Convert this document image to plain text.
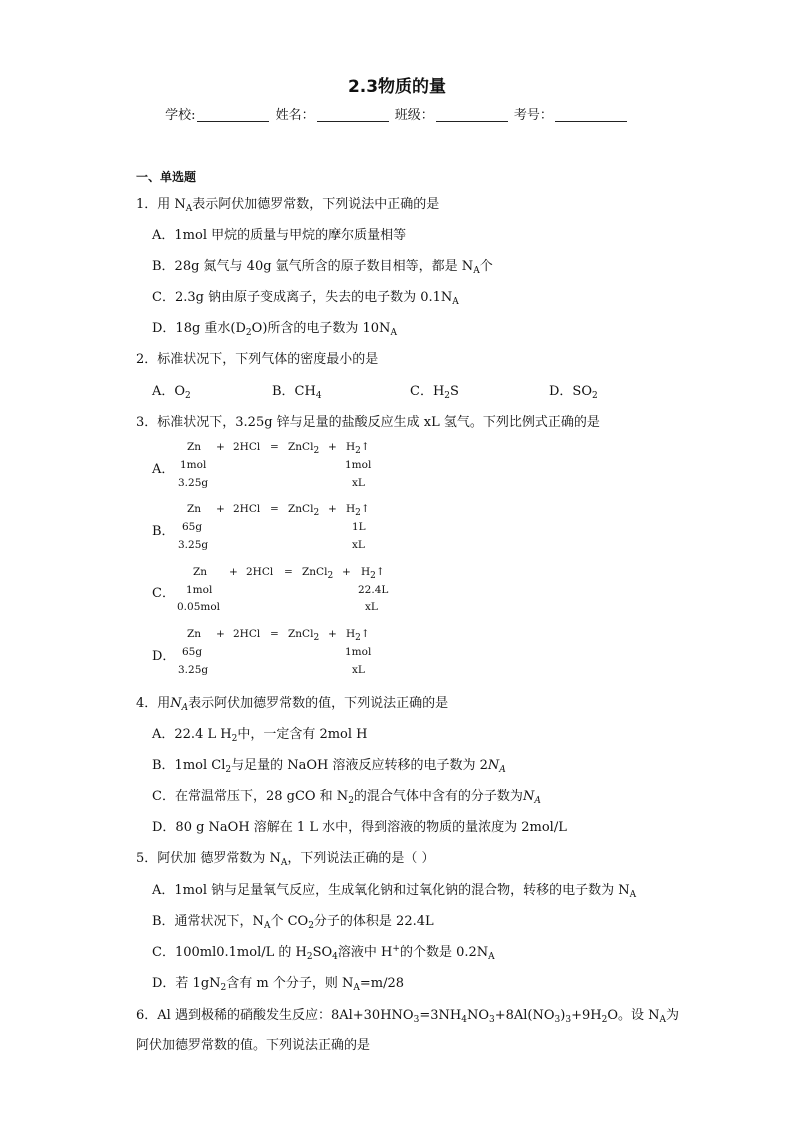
2.3物质的量
学校:	姓名：	班级：	考号：
一、单选题
1．用 $N_A$表示阿伏加德罗常数，下列说法中正确的是
A．1mol 甲烷的质量与甲烷的摩尔质量相等
B．28g 氮气与 40g 氩气所含的原子数目相等，都是 $N_A$个
C．2.3g 钠由原子变成离子，失去的电子数为 $0.1N_A$
D．18g 重水$(D_2O)$所含的电子数为 $10N_A$
2．标准状况下，下列气体的密度最小的是
A．$O_2$	B．$CH_4$	C．$H_2S$	D．$SO_2$
3．标准状况下，3.25g 锌与足量的盐酸反应生成 xL 氢气。下列比例式正确的是
Zn + 2HCl = ZnCl$_2$ + $H_2↑$
A． 1mol	1mol
3.25g	xL
Zn + 2HCl = ZnCl$_2$ + $H_2↑$
B． 65g	1L
3.25g	xL
Zn + 2HCl = ZnCl$_2$ + $H_2↑$
C． 1mol	22.4L
0.05mol	xL
Zn + 2HCl = ZnCl$_2$ + $H_2↑$
D． 65g	1mol
3.25g	xL
4．用$N_A$表示阿伏加德罗常数的值，下列说法正确的是
A．22.4 L $H_2$中，一定含有 2mol H
B．1mol $Cl_2$与足量的 NaOH 溶液反应转移的电子数为 $2N_A$
C．在常温常压下，28 gCO 和 $N_2$的混合气体中含有的分子数为$N_A$
D．80 g NaOH 溶解在 1 L 水中，得到溶液的物质的量浓度为 2mol/L
5．阿伏加 德罗常数为 $N_A$，下列说法正确的是（ ）
A．1mol 钠与足量氧气反应，生成氧化钠和过氧化钠的混合物，转移的电子数为 $N_A$
B．通常状况下，$N_A$个 $CO_2$分子的体积是 22.4L
C．100ml0.1mol/L 的 $H_2SO_4$溶液中 H+的个数是 $0.2N_A$
D．若 $1gN_2$含有 m 个分子，则 $N_A=m/28$
6．Al 遇到极稀的硝酸发生反应：$8Al+30HNO_3=3NH_4NO_3+8Al(NO_3)_3+9H_2O$。设 $N_A$为
阿伏加德罗常数的值。下列说法正确的是
